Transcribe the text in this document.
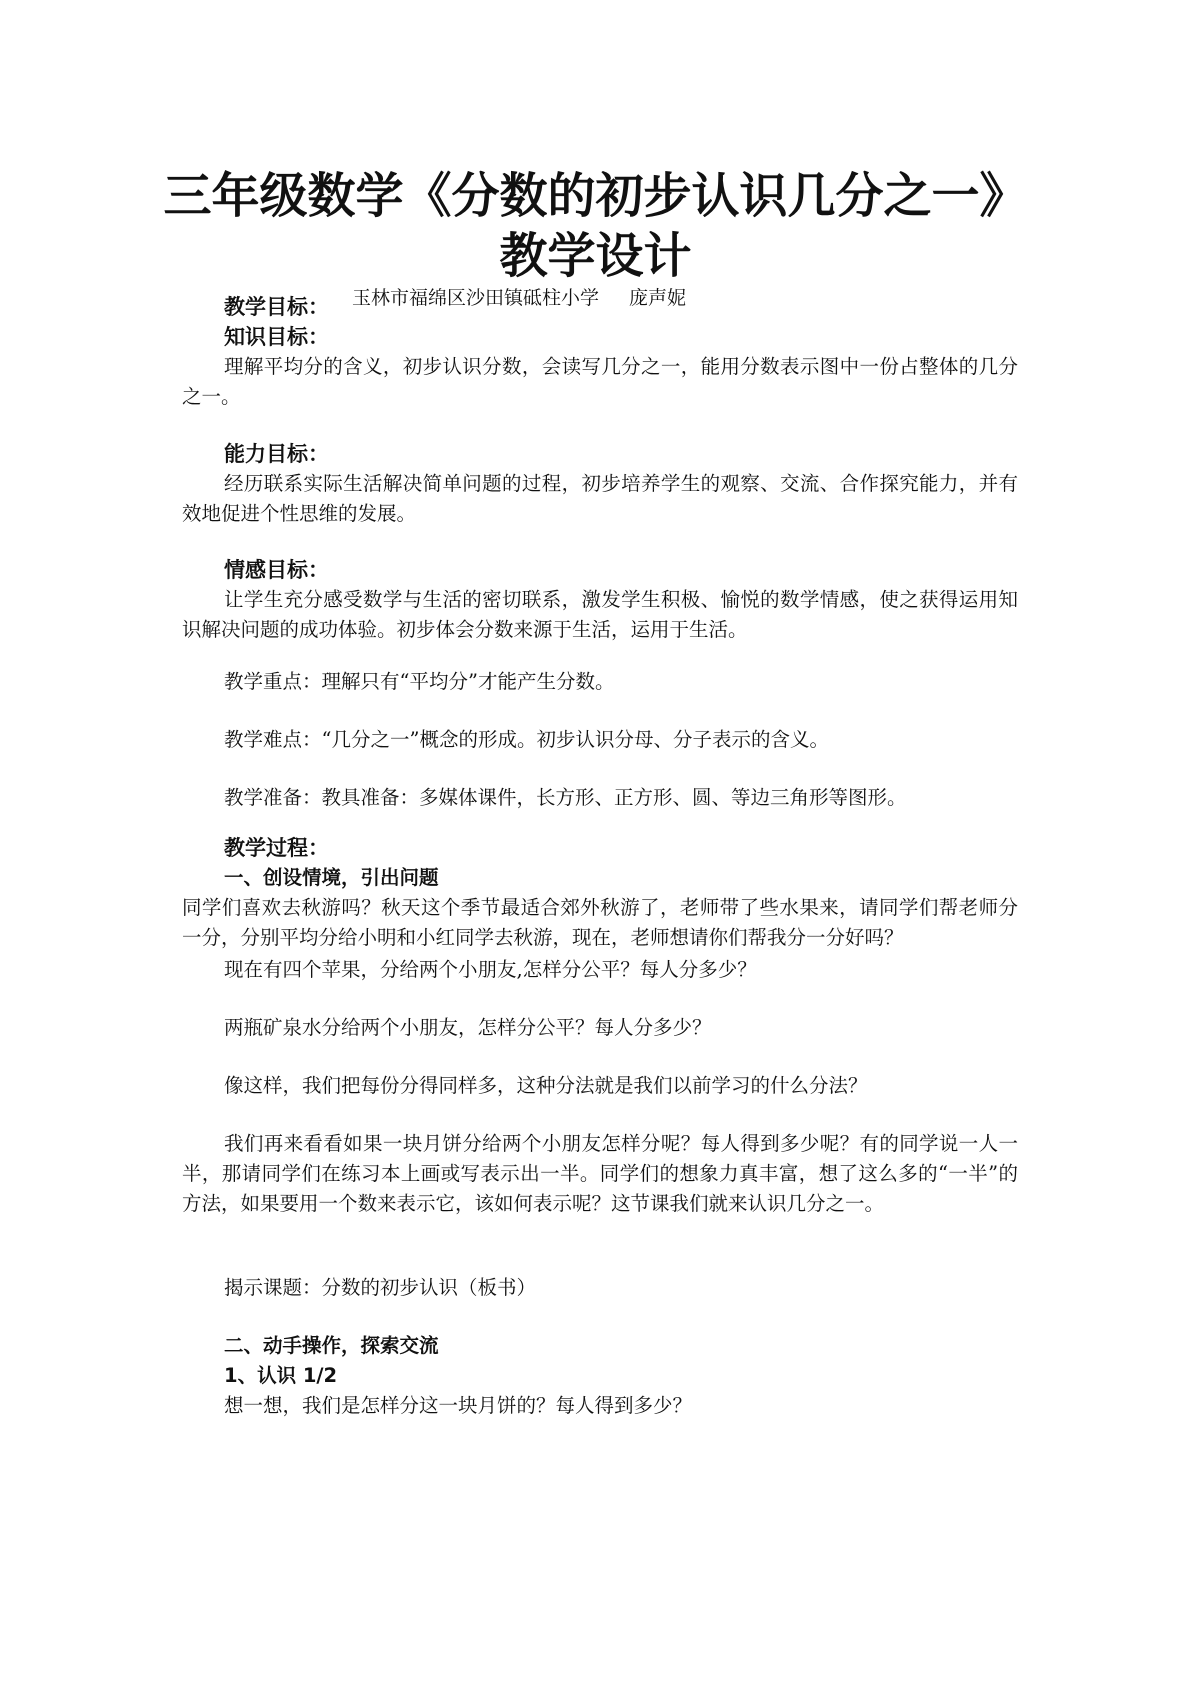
三年级数学《分数的初步认识几分之一》
教学设计
玉林市福绵区沙田镇砥柱小学 庞声妮
教学目标：
知识目标：

理解平均分的含义，初步认识分数，会读写几分之一，能用分数表示图中一份占整体的几分之一。

能力目标：

经历联系实际生活解决简单问题的过程，初步培养学生的观察、交流、合作探究能力，并有效地促进个性思维的发展。

情感目标：

让学生充分感受数学与生活的密切联系，激发学生积极、愉悦的数学情感，使之获得运用知识解决问题的成功体验。初步体会分数来源于生活，运用于生活。

教学重点：理解只有“平均分”才能产生分数。

教学难点：“几分之一”概念的形成。初步认识分母、分子表示的含义。

教学准备：教具准备：多媒体课件，长方形、正方形、圆、等边三角形等图形。

教学过程：
一、创设情境，引出问题

同学们喜欢去秋游吗？秋天这个季节最适合郊外秋游了，老师带了些水果来，请同学们帮老师分一分，分别平均分给小明和小红同学去秋游，现在，老师想请你们帮我分一分好吗？

现在有四个苹果，分给两个小朋友,怎样分公平？每人分多少？

两瓶矿泉水分给两个小朋友，怎样分公平？每人分多少？

像这样，我们把每份分得同样多，这种分法就是我们以前学习的什么分法？

我们再来看看如果一块月饼分给两个小朋友怎样分呢？每人得到多少呢？有的同学说一人一半，那请同学们在练习本上画或写表示出一半。同学们的想象力真丰富，想了这么多的“一半”的方法，如果要用一个数来表示它，该如何表示呢？这节课我们就来认识几分之一。

揭示课题：分数的初步认识（板书）

二、动手操作，探索交流
1、认识 1/2

想一想，我们是怎样分这一块月饼的？每人得到多少？
